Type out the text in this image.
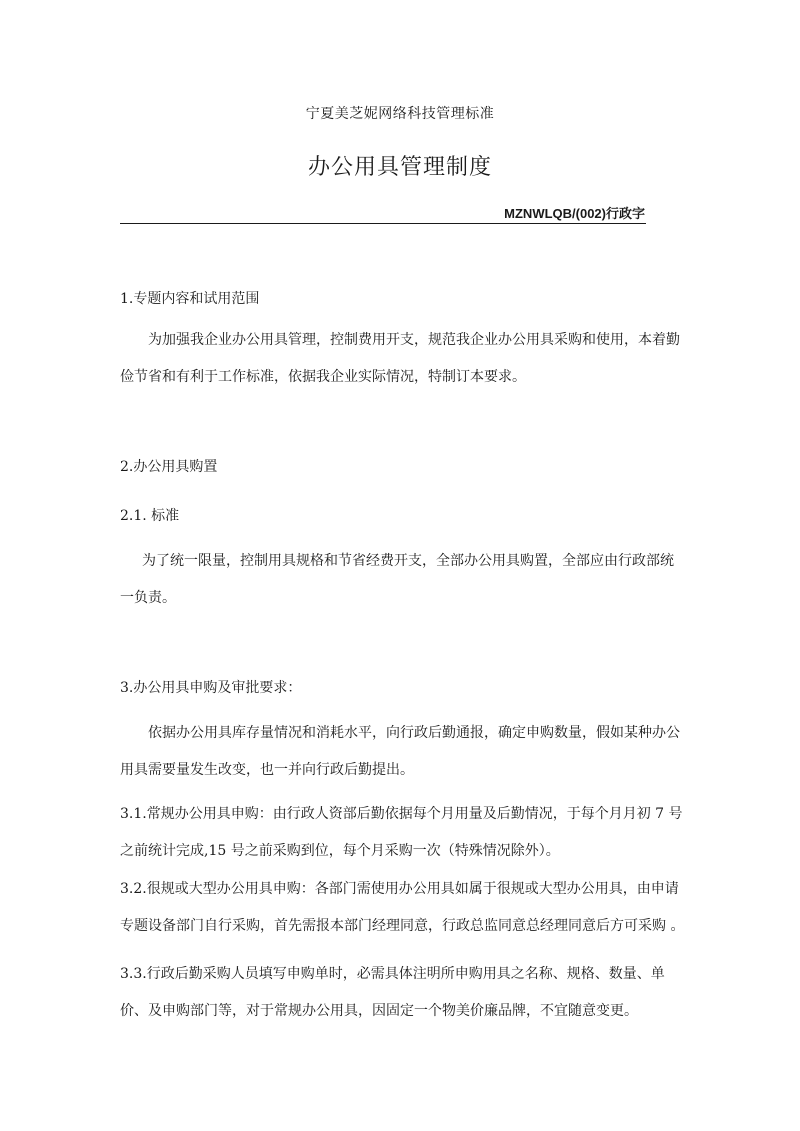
宁夏美芝妮网络科技管理标准
办公用具管理制度
MZNWLQB/(002)行政字
1.专题内容和试用范围
为加强我企业办公用具管理，控制费用开支，规范我企业办公用具采购和使用，本着勤俭节省和有利于工作标准，依据我企业实际情况，特制订本要求。
2.办公用具购置
2.1. 标准
为了统一限量，控制用具规格和节省经费开支，全部办公用具购置，全部应由行政部统一负责。
3.办公用具申购及审批要求：
依据办公用具库存量情况和消耗水平，向行政后勤通报，确定申购数量，假如某种办公用具需要量发生改变，也一并向行政后勤提出。
3.1.常规办公用具申购：由行政人资部后勤依据每个月用量及后勤情况，于每个月月初 7 号之前统计完成,15 号之前采购到位，每个月采购一次（特殊情况除外）。
3.2.很规或大型办公用具申购：各部门需使用办公用具如属于很规或大型办公用具，由申请专题设备部门自行采购，首先需报本部门经理同意，行政总监同意总经理同意后方可采购 。
3.3.行政后勤采购人员填写申购单时，必需具体注明所申购用具之名称、规格、数量、单价、及申购部门等，对于常规办公用具，因固定一个物美价廉品牌，不宜随意变更。
